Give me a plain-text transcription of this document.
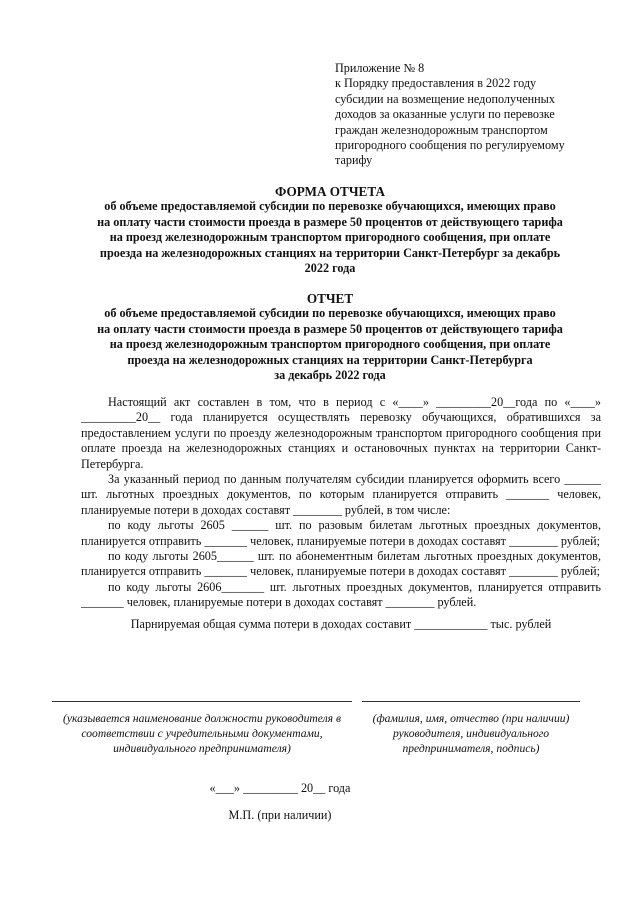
Приложение № 8
к Порядку предоставления в 2022 году
субсидии на возмещение недополученных
доходов за оказанные услуги по перевозке
граждан железнодорожным транспортом
пригородного сообщения по регулируемому
тарифу
ФОРМА ОТЧЕТА
об объеме предоставляемой субсидии по перевозке обучающихся, имеющих право
на оплату части стоимости проезда в размере 50 процентов от действующего тарифа
на проезд железнодорожным транспортом пригородного сообщения, при оплате
проезда на железнодорожных станциях на территории Санкт-Петербург за декабрь
2022 года
ОТЧЕТ
об объеме предоставляемой субсидии по перевозке обучающихся, имеющих право
на оплату части стоимости проезда в размере 50 процентов от действующего тарифа
на проезд железнодорожным транспортом пригородного сообщения, при оплате
проезда на железнодорожных станциях на территории Санкт-Петербурга
за декабрь 2022 года

Настоящий акт составлен в том, что в период с «____» _________20__года по «____» _________20__ года планируется осуществлять перевозку обучающихся, обратившихся за предоставлением услуги по проезду железнодорожным транспортом пригородного сообщения при оплате проезда на железнодорожных станциях и остановочных пунктах на территории Санкт-Петербурга.

За указанный период по данным получателям субсидии планируется оформить всего ______ шт. льготных проездных документов, по которым планируется отправить _______ человек, планируемые потери в доходах составят ________ рублей, в том числе:

по коду льготы 2605 ______ шт. по разовым билетам льготных проездных документов, планируется отправить _______ человек, планируемые потери в доходах составят ________ рублей;

по коду льготы 2605______ шт. по абонементным билетам льготных проездных документов, планируется отправить _______ человек, планируемые потери в доходах составят ________ рублей;

по коду льготы 2606_______ шт. льготных проездных документов, планируется отправить _______ человек, планируемые потери в доходах составят ________ рублей.

Парнируемая общая сумма потери в доходах составит ____________ тыс. рублей

(указывается наименование должности руководителя в соответствии с учредительными документами, индивидуального предпринимателя)
(фамилия, имя, отчество (при наличии) руководителя, индивидуального предпринимателя, подпись)
«___» _________ 20__ года
М.П. (при наличии)
